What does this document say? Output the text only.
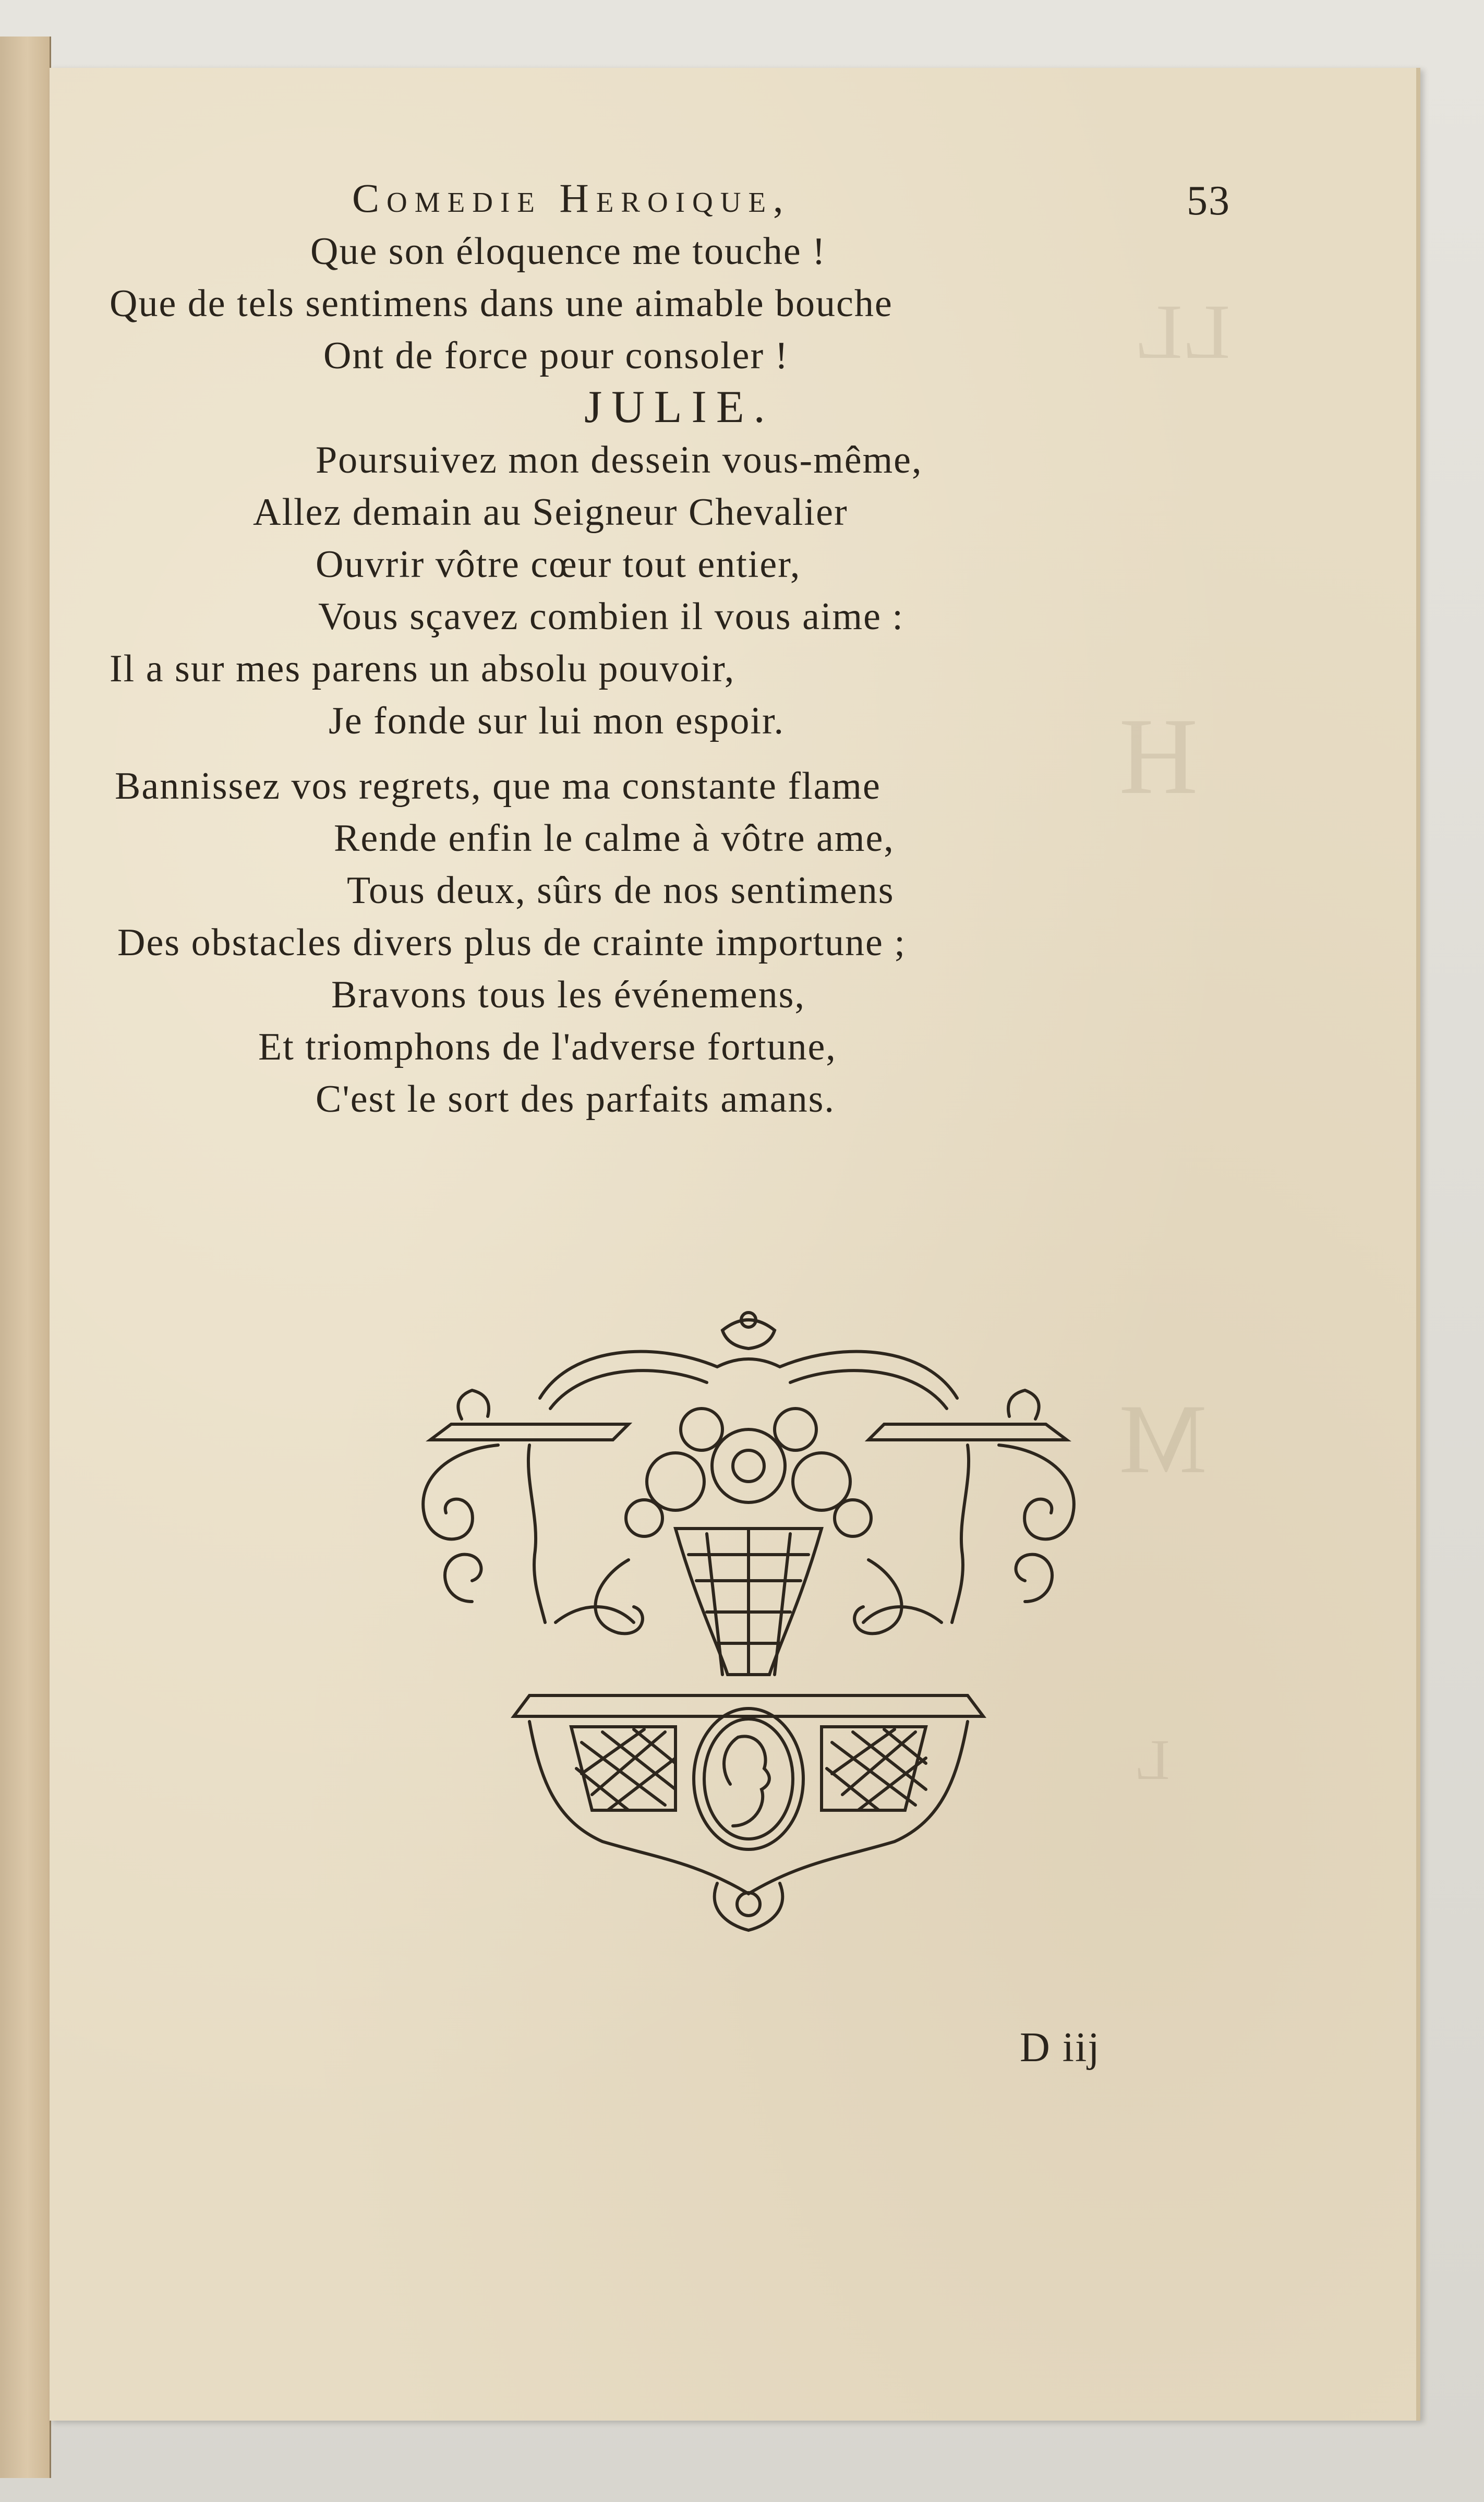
LL
H
M
L
Comedie Heroique,	53
Que son éloquence me touche !
Que de tels sentimens dans une aimable bouche
Ont de force pour consoler !
JULIE.
Poursuivez mon dessein vous-même,
Allez demain au Seigneur Chevalier
Ouvrir vôtre cœur tout entier,
Vous sçavez combien il vous aime :
Il a sur mes parens un absolu pouvoir,
Je fonde sur lui mon espoir.
Bannissez vos regrets, que ma constante flame
Rende enfin le calme à vôtre ame,
Tous deux, sûrs de nos sentimens
Des obstacles divers plus de crainte importune ;
Bravons tous les événemens,
Et triomphons de l'adverse fortune,
C'est le sort des parfaits amans.
D iij
